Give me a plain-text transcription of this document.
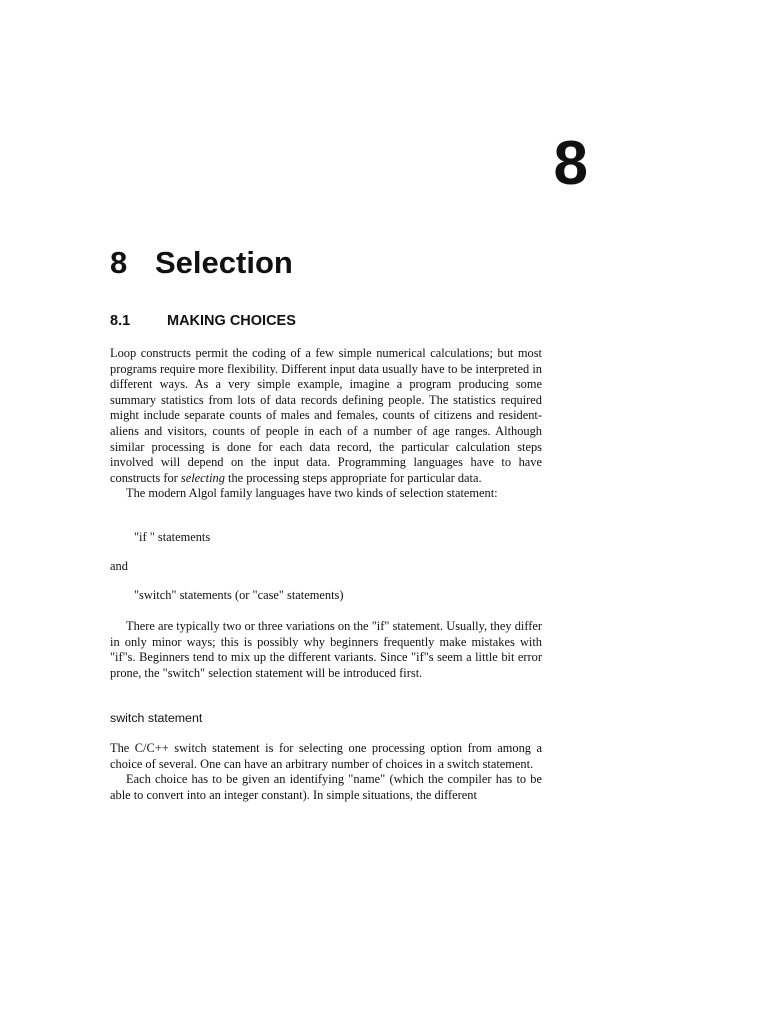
8
8 Selection
8.1	MAKING CHOICES

Loop constructs permit the coding of a few simple numerical calculations; but most programs require more flexibility. Different input data usually have to be interpreted in different ways. As a very simple example, imagine a program producing some summary statistics from lots of data records defining people. The statistics required might include separate counts of males and females, counts of citizens and resident-aliens and visitors, counts of people in each of a number of age ranges. Although similar processing is done for each data record, the particular calculation steps involved will depend on the input data. Programming languages have to have constructs for selecting the processing steps appropriate for particular data.

The modern Algol family languages have two kinds of selection statement:

"if " statements

and

"switch" statements (or "case" statements)

There are typically two or three variations on the "if" statement. Usually, they differ in only minor ways; this is possibly why beginners frequently make mistakes with "if"s. Beginners tend to mix up the different variants. Since "if"s seem a little bit error prone, the "switch" selection statement will be introduced first.

switch statement

The C/C++ switch statement is for selecting one processing option from among a choice of several. One can have an arbitrary number of choices in a switch statement.

Each choice has to be given an identifying "name" (which the compiler has to be able to convert into an integer constant). In simple situations, the different
